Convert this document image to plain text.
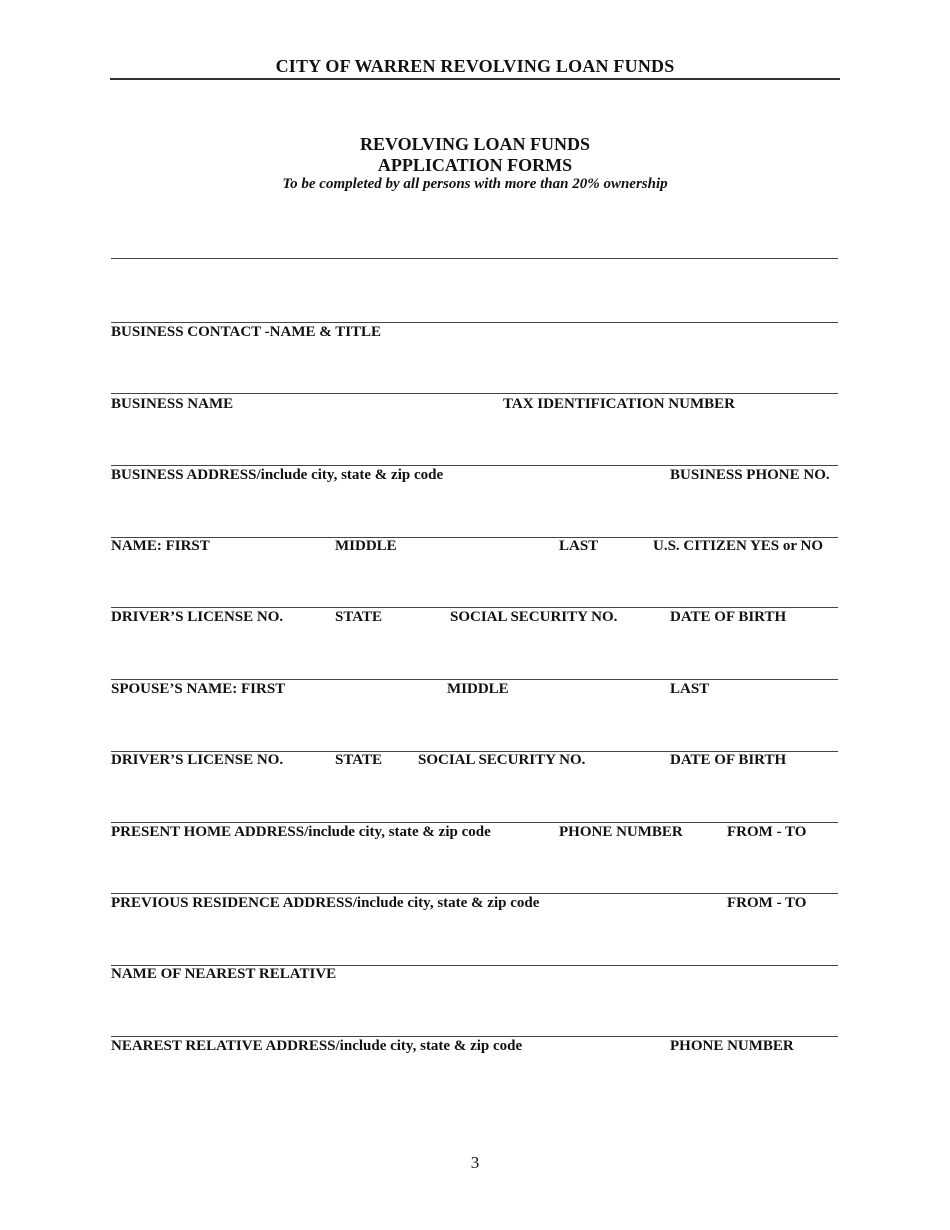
CITY OF WARREN REVOLVING LOAN FUNDS
REVOLVING LOAN FUNDS
APPLICATION FORMS
To be completed by all persons with more than 20% ownership
BUSINESS CONTACT -NAME & TITLE
BUSINESS NAME	TAX IDENTIFICATION NUMBER
BUSINESS ADDRESS/include city, state & zip code	BUSINESS PHONE NO.
NAME: FIRST	MIDDLE	LAST	U.S. CITIZEN YES or NO
DRIVER’S LICENSE NO.	STATE	SOCIAL SECURITY NO.	DATE OF BIRTH
SPOUSE’S NAME: FIRST	MIDDLE	LAST
DRIVER’S LICENSE NO.	STATE SOCIAL SECURITY NO.	DATE OF BIRTH
PRESENT HOME ADDRESS/include city, state & zip code	PHONE NUMBER	FROM - TO
PREVIOUS RESIDENCE ADDRESS/include city, state & zip code	FROM - TO
NAME OF NEAREST RELATIVE
NEAREST RELATIVE ADDRESS/include city, state & zip code	PHONE NUMBER
3
